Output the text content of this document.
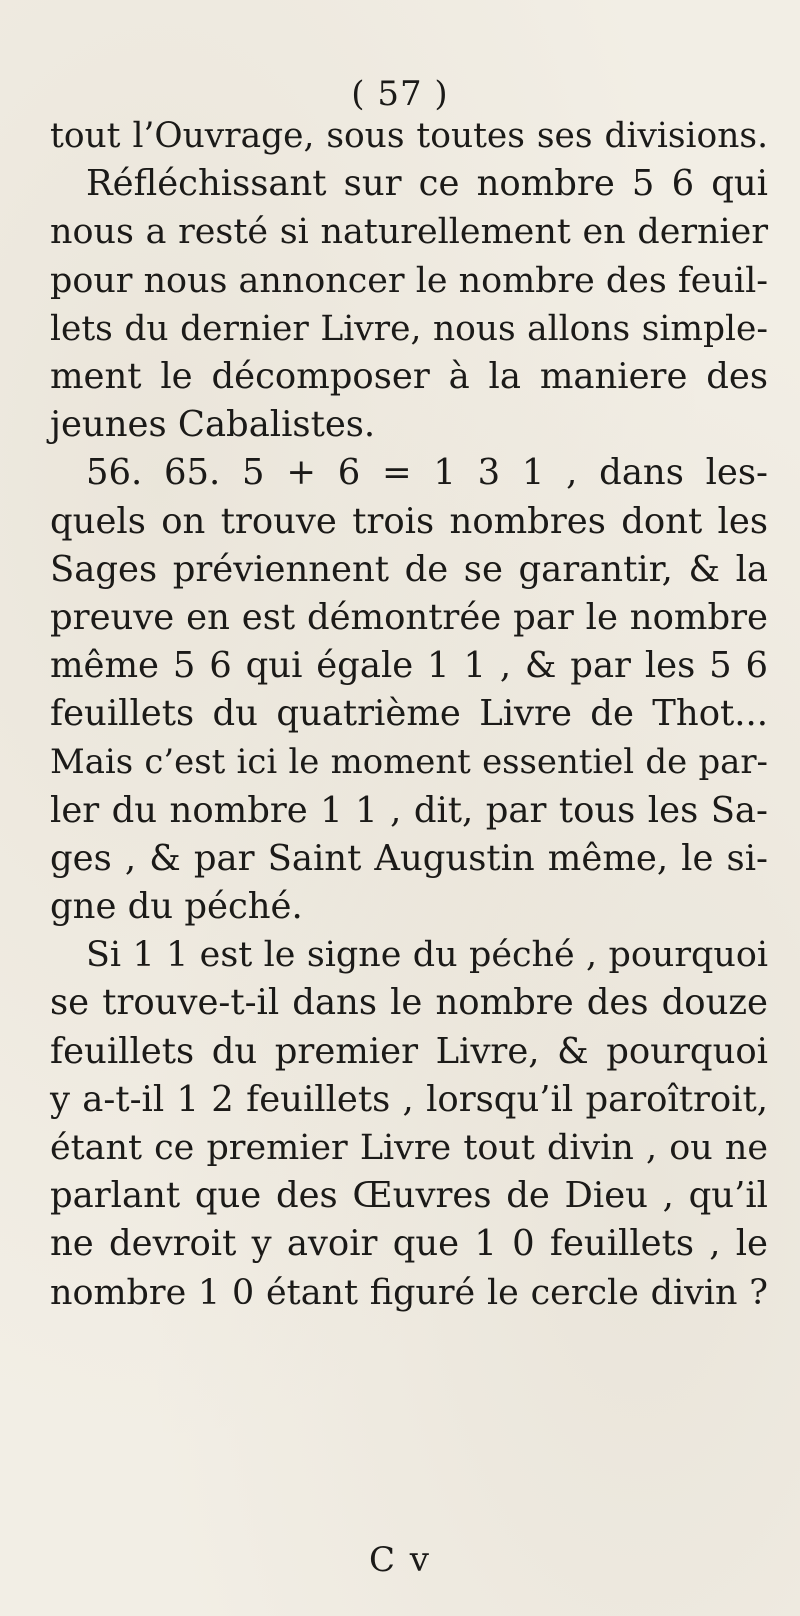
( 57 )
tout l’Ouvrage, sous toutes ses divisions.
Réfléchissant sur ce nombre 5 6 qui
nous a resté si naturellement en dernier
pour nous annoncer le nombre des feuil-
lets du dernier Livre, nous allons simple-
ment le décomposer à la maniere des
jeunes Cabalistes.
56. 65. 5 + 6 = 1 3 1 , dans les-
quels on trouve trois nombres dont les
Sages préviennent de se garantir, & la
preuve en est démontrée par le nombre
même 5 6 qui égale 1 1 , & par les 5 6
feuillets du quatrième Livre de Thot...
Mais c’est ici le moment essentiel de par-
ler du nombre 1 1 , dit, par tous les Sa-
ges , & par Saint Augustin même, le si-
gne du péché.
Si 1 1 est le signe du péché , pourquoi
se trouve-t-il dans le nombre des douze
feuillets du premier Livre, & pourquoi
y a-t-il 1 2 feuillets , lorsqu’il paroîtroit,
étant ce premier Livre tout divin , ou ne
parlant que des Œuvres de Dieu , qu’il
ne devroit y avoir que 1 0 feuillets , le
nombre 1 0 étant figuré le cercle divin ?
C v
